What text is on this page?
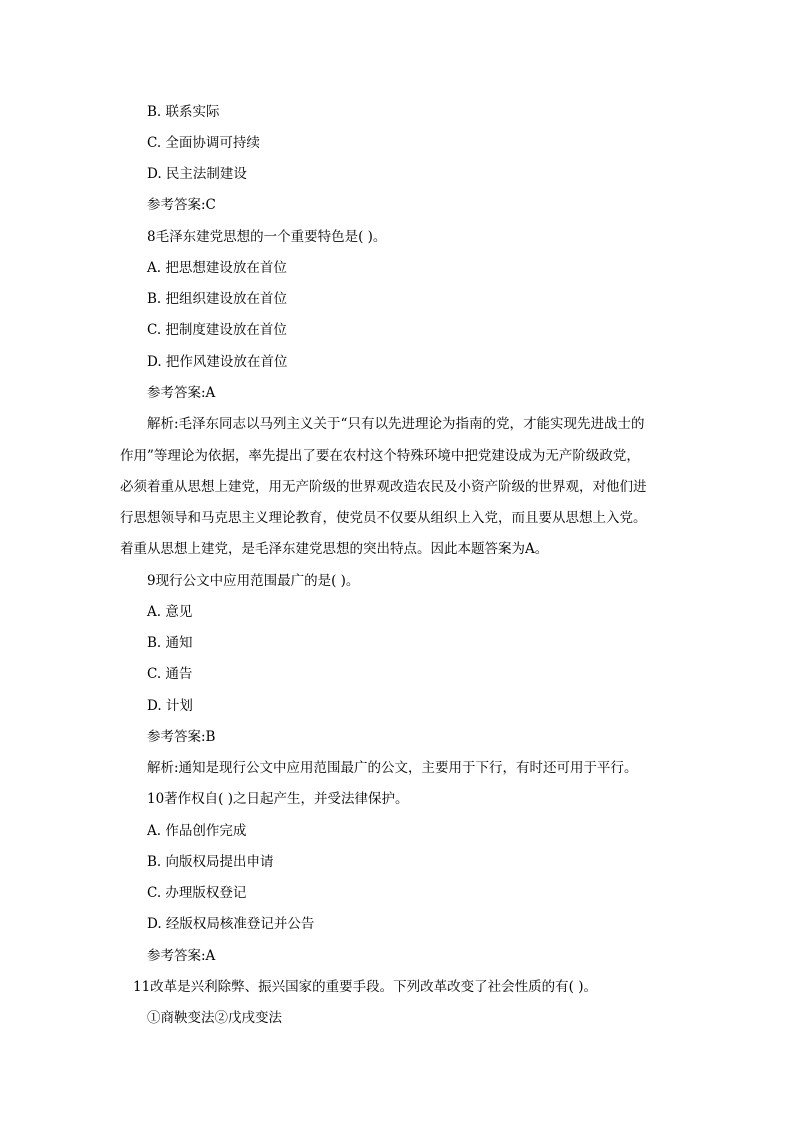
B. 联系实际
C. 全面协调可持续
D. 民主法制建设
参考答案:C
8毛泽东建党思想的一个重要特色是( )。
A. 把思想建设放在首位
B. 把组织建设放在首位
C. 把制度建设放在首位
D. 把作风建设放在首位
参考答案:A
解析:毛泽东同志以马列主义关于“只有以先进理论为指南的党，才能实现先进战士的
作用”等理论为依据，率先提出了要在农村这个特殊环境中把党建设成为无产阶级政党，
必须着重从思想上建党，用无产阶级的世界观改造农民及小资产阶级的世界观，对他们进
行思想领导和马克思主义理论教育，使党员不仅要从组织上入党，而且要从思想上入党。
着重从思想上建党，是毛泽东建党思想的突出特点。因此本题答案为A。
9现行公文中应用范围最广的是( )。
A. 意见
B. 通知
C. 通告
D. 计划
参考答案:B
解析:通知是现行公文中应用范围最广的公文，主要用于下行，有时还可用于平行。
10著作权自( )之日起产生，并受法律保护。
A. 作品创作完成
B. 向版权局提出申请
C. 办理版权登记
D. 经版权局核准登记并公告
参考答案:A
11改革是兴利除弊、振兴国家的重要手段。下列改革改变了社会性质的有( )。
①商鞅变法②戊戌变法
